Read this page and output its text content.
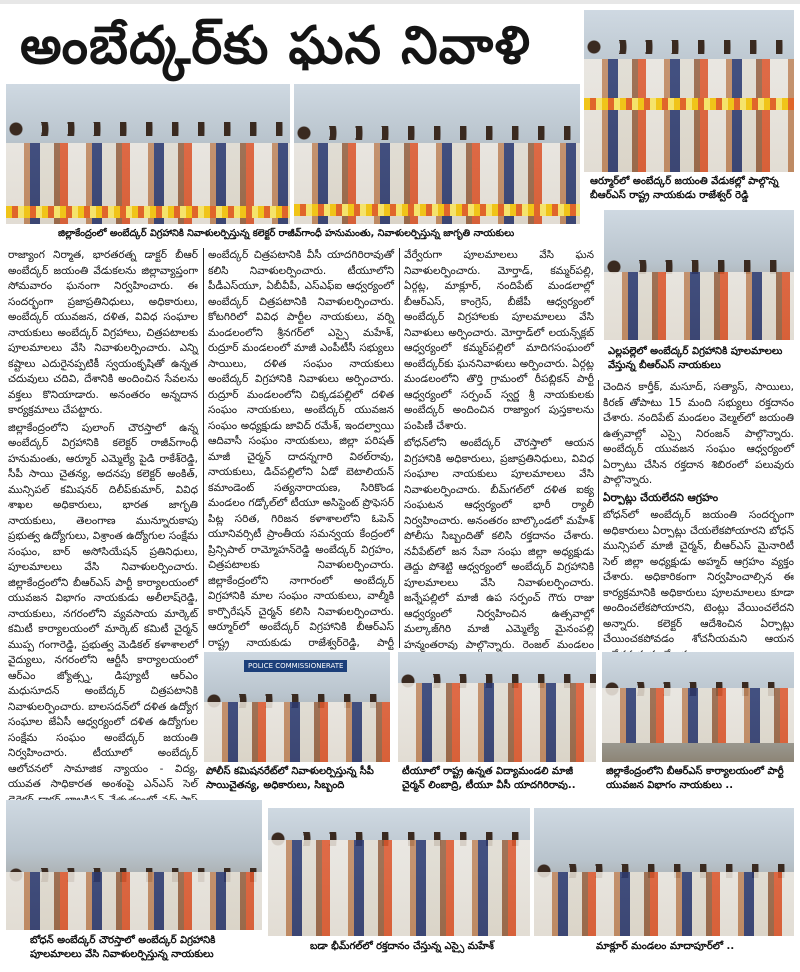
అంబేద్కర్‌కు ఘన నివాళి
జిల్లాకేంద్రంలో అంబేద్కర్ విగ్రహానికి నివాళులర్పిస్తున్న కలెక్టర్ రాజీవ్‌గాంధీ హనుమంతు, నివాళులర్పిస్తున్న జాగృతి నాయకులు
ఆర్మూర్‌లో అంబేద్కర్ జయంతి వేడుకల్లో పాల్గొన్న బీఆర్‌ఎస్ రాష్ట్ర నాయకుడు రాజేశ్వర్ రెడ్డి
ఎల్లపల్లెలో అంబేద్కర్ విగ్రహానికి పూలమాలలు వేస్తున్న బీఆర్‌ఎస్ నాయకులు

రాజ్యాంగ నిర్మాత, భారతరత్న డాక్టర్ బీఆర్ అంబేద్కర్ జయంతి వేడుకలను జిల్లావ్యాప్తంగా సోమవారం ఘనంగా నిర్వహించారు. ఈ సందర్భంగా ప్రజాప్రతినిధులు, అధికారులు, అంబేద్కర్ యువజన, దళిత, వివిధ సంఘాల నాయకులు అంబేద్కర్ విగ్రహాలు, చిత్రపటాలకు పూలమాలలు వేసి నివాళులర్పించారు. ఎన్ని కష్టాలు ఎదురైనప్పటికీ స్వయంకృషితో ఉన్నత చదువులు చదివి, దేశానికి అందించిన సేవలను వక్తలు కొనియాడారు. అనంతరం అన్నదాన కార్యక్రమాలు చేపట్టారు.

జిల్లాకేంద్రంలోని పులాంగ్ చౌరస్తాలో ఉన్న అంబేద్కర్ విగ్రహానికి కలెక్టర్ రాజీవ్‌గాంధీ హనుమంతు, ఆర్మూర్ ఎమ్మెల్యే పైడి రాకేశ్‌రెడ్డి, సీపీ సాయి చైతన్య, అదనపు కలెక్టర్ అంకిత్, మున్సిపల్ కమిషనర్ దిలీప్‌కుమార్, వివిధ శాఖల అధికారులు, భారత జాగృతి నాయకులు, తెలంగాణ మున్నూరుకాపు ప్రభుత్వ ఉద్యోగులు, విశ్రాంత ఉద్యోగుల సంక్షేమ సంఘం, బార్ అసోసియేషన్ ప్రతినిధులు, పూలమాలలు వేసి నివాళులర్పించారు. జిల్లాకేంద్రంలోని బీఆర్‌ఎస్ పార్టీ కార్యాలయంలో యువజన విభాగం నాయకుడు అలీలాష్‌రెడ్డి, నాయకులు, నగరంలోని వ్యవసాయ మార్కెట్ కమిటీ కార్యాలయంలో మార్కెట్ కమిటీ చైర్మన్ ముప్ప గంగారెడ్డి, ప్రభుత్వ మెడికల్ కళాశాలలో వైద్యులు, నగరంలోని ఆర్టీసీ కార్యాలయంలో ఆర్‌ఎం జ్యోత్స్న, డిప్యూటీ ఆర్‌ఎం మధుసూదన్ అంబేద్కర్ చిత్రపటానికి నివాళులర్పించారు. బాలసదన్‌లో దళిత ఉద్యోగ సంఘాల జేఏసీ ఆధ్వర్యంలో దళిత ఉద్యోగుల సంక్షేమ సంఘం అంబేద్కర్ జయంతి నిర్వహించారు. టీయూలో అంబేద్కర్ ఆలోచనలో సామాజిక న్యాయం - విద్య, యువత సాధికారత అంశంపై ఎన్‌ఎస్ సెల్

అంబేద్కర్ చిత్రపటానికి వీసీ యాదగిరిరావుతో కలిసి నివాళులర్పించారు. టీయూలోని పీడీఎస్‌యూ, ఏబీవీపీ, ఎస్‌ఎఫ్‌ఐ ఆధ్వర్యంలో అంబేద్కర్ చిత్రపటానికి నివాళులర్పించారు. కోటగిరిలో వివిధ పార్టీల నాయకులు, వర్ని మండలంలోని శ్రీనగర్‌లో ఎస్సై మహేశ్, రుద్రూర్ మండలంలో మాజీ ఎంపీటీసీ సభ్యులు సాయిలు, దళిత సంఘం నాయకులు అంబేద్కర్ విగ్రహానికి నివాళులు అర్పించారు. రుద్రూర్ మండలంలోని చిక్కడపల్లిలో దళిత సంఘం నాయకులు, అంబేద్కర్ యువజన సంఘం అధ్యక్షుడు జావిద్ రమేశ్, ఇందల్వాయి ఆదివాసీ సంఘం నాయకులు, జిల్లా పరిషత్ మాజీ చైర్మన్ దాదన్నగారి విఠల్‌రావు, నాయకులు, డిచ్‌పల్లిలోని ఏడో బెటాలియన్ కమాండెంట్ సత్యనారాయణ, సిరికొండ మండలం గడ్కోల్‌లో టీయూ అసిస్టెంట్ ప్రొఫెసర్ పిట్ల సరిత, గిరిజన కళాశాలలోని ఓపెన్ యూనివర్సిటీ ప్రాంతీయ సమన్వయ కేంద్రంలో ప్రిన్సిపాల్ రామ్మోహన్‌రెడ్డి అంబేద్కర్ విగ్రహం, చిత్రపటాలకు నివాళులర్పించారు. జిల్లాకేంద్రంలోని నాగారంలో అంబేద్కర్ విగ్రహానికి మాల సంఘం నాయకులు, వాల్మీకి కార్పొరేషన్ చైర్మన్ కలిసి నివాళులర్పించారు. ఆర్మూర్‌లో అంబేద్కర్ విగ్రహానికి బీఆర్‌ఎస్ రాష్ట్ర నాయకుడు రాజేశ్వర్‌రెడ్డి, పార్టీ

వేర్వేరుగా పూలమాలలు వేసి ఘన నివాళులర్పించారు. మోర్తాడ్, కమ్మర్‌పల్లి, ఏర్గట్ల, మాక్లూర్, నందిపేట్ మండలాల్లో బీఆర్‌ఎస్, కాంగ్రెస్, బీజేపీ ఆధ్వర్యంలో అంబేద్కర్ విగ్రహాలకు పూలమాలలు వేసి నివాళులు అర్పించారు. మోర్తాడ్‌లో లయన్స్‌క్లబ్ ఆధ్వర్యంలో కమ్మర్‌పల్లిలో మాదిగసంఘంలో అంబేద్కర్‌కు ఘననివాళులు అర్పించారు. ఏర్గట్ల మండలంలోని తొర్తి గ్రామంలో రీపబ్లికన్ పార్టీ ఆధ్వర్యంలో సర్పంచ్ స్వర్ణ శ్రీ నాయకులకు అంబేద్కర్ అందించిన రాజ్యాంగ పుస్తకాలను పంపిణీ చేశారు.

బోధన్‌లోని అంబేద్కర్ చౌరస్తాలో ఆయన విగ్రహానికి అధికారులు, ప్రజాప్రతినిధులు, వివిధ సంఘాల నాయకులు పూలమాలలు వేసి నివాళులర్పించారు. బీమ్‌గల్‌లో దళిత ఐక్య సంఘటన ఆధ్వర్యంలో భారీ ర్యాలీ నిర్వహించారు. అనంతరం బాల్కొండలో మహేశ్ పోలీసు సిబ్బందితో కలిసి రక్తదానం చేశారు. నవీపేట్‌లో జన సేవా సంఘ జిల్లా అధ్యక్షుడు తెద్దు పోశెట్టి ఆధ్వర్యంలో అంబేద్కర్ విగ్రహానికి పూలమాలలు వేసి నివాళులర్పించారు. జన్నేపల్లిలో మాజీ ఉప సర్పంచ్ గౌరు రాజు ఆధ్వర్యంలో నిర్వహించిన ఉత్సవాల్లో మల్కాజ్‌గిరి మాజీ ఎమ్మెల్యే మైనంపల్లి హన్మంతరావు పాల్గొన్నారు. రెంజల్ మండలం

చెందిన కార్తీక్, మసూద్, సత్యాస్, సాయిలు, కిరణ్ తోపాటు 15 మంది సభ్యులు రక్తదానం చేశారు. నందిపేట్ మండలం వెల్మల్‌లో జయంతి ఉత్సవాల్లో ఎస్సై నిరంజన్ పాల్గొన్నారు. అంబేద్కర్ యువజన సంఘం ఆధ్వర్యంలో ఏర్పాటు చేసిన రక్తదాన శిబిరంలో పలువురు పాల్గొన్నారు.

ఏర్పాట్లు చేయలేదని ఆగ్రహం

బోధన్‌లో అంబేద్కర్ జయంతి సందర్భంగా అధికారులు ఏర్పాట్లు చేయలేకపోయారని బోధన్ మున్సిపల్ మాజీ చైర్మన్, బీఆర్‌ఎస్ మైనారిటీ సెల్ జిల్లా అధ్యక్షుడు అహ్మద్ ఆగ్రహం వ్యక్తం చేశారు. అధికారికంగా నిర్వహించాల్సిన ఈ కార్యక్రమానికి అధికారులు పూలమాలలు కూడా అందించలేకపోయారని, టెంట్లు వేయించలేదని అన్నారు. కలెక్టర్ ఆదేశించిన ఏర్పాట్లు చేయించకపోవడం శోచనీయమని ఆయన

POLICE COMMISSIONERATE
పోలీస్ కమిషనరేట్‌లో నివాళులర్పిస్తున్న సీపీ సాయిచైతన్య, అధికారులు, సిబ్బంది
టీయూలో రాష్ట్ర ఉన్నత విద్యామండలి మాజీ చైర్మన్ లింబాద్రి, టీయూ వీసీ యాదగిరిరావు..
జిల్లాకేంద్రంలోని బీఆర్‌ఎస్ కార్యాలయంలో పార్టీ యువజన విభాగం నాయకులు ..
బోధన్ అంబేద్కర్ చౌరస్తాలో అంబేద్కర్ విగ్రహానికి పూలమాలలు వేసి నివాళులర్పిస్తున్న నాయకులు
బడా భీమ్‌గల్‌లో రక్తదానం చేస్తున్న ఎస్సై మహేశ్	మాక్లూర్ మండలం మాదాపూర్‌లో ..
